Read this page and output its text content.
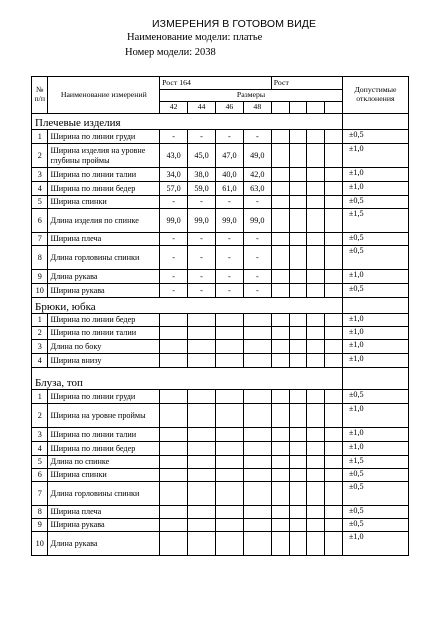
ИЗМЕРЕНИЯ В ГОТОВОМ ВИДЕ
Наименование модели: платье
Номер модели: 2038
№ п/п	Наименование измерений	Рост 164				Рост				Допустимые отклонения
		Размеры								
		42	44	46	48					
Плечевые изделия										
1	Ширина по линии груди	-	-	-	-					±0,5
2	Ширина изделия на уровне глубины проймы	43,0	45,0	47,0	49,0					±1,0
3	Ширина по линии талии	34,0	38,0	40,0	42,0					±1,0
4	Ширина по линии бедер	57,0	59,0	61,0	63,0					±1,0
5	Ширина спинки	-	-	-	-					±0,5
6	Длина изделия по спинке	99,0	99,0	99,0	99,0					±1,5
7	Ширина плеча	-	-	-	-					±0,5
8	Длина горловины спинки	-	-	-	-					±0,5
9	Длина рукава	-	-	-	-					±1,0
10	Ширина рукава	-	-	-	-					±0,5
Брюки, юбка										
1	Ширина по линии бедер									±1,0
2	Ширина по линии талии									±1,0
3	Длина по боку									±1,0
4	Ширина внизу									±1,0
Блуза, топ										
1	Ширина по линии груди									±0,5
2	Ширина на уровне проймы									±1,0
3	Ширина по линии талии									±1,0
4	Ширина по линии бедер									±1,0
5	Длина по спинке									±1,5
6	Ширина спинки									±0,5
7	Длина горловины спинки									±0,5
8	Ширина плеча									±0,5
9	Ширина рукава									±0,5
10	Длина рукава									±1,0
